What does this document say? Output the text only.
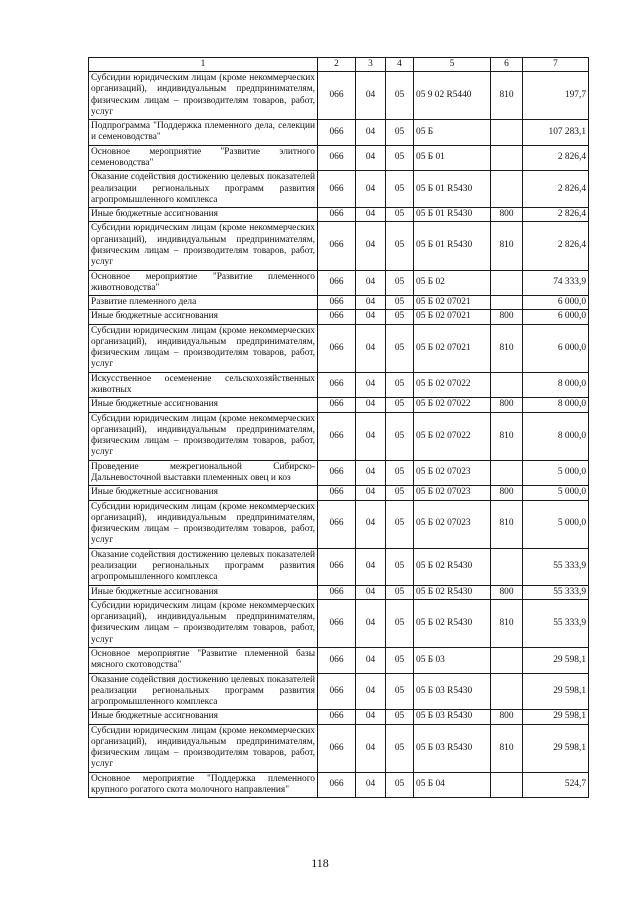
1	2	3	4	5	6	7
Субсидии юридическим лицам (кроме некоммерческих организаций), индивидуальным предпринимателям, физическим лицам – производителям товаров, работ, услуг	066	04	05	05 9 02 R5440	810	197,7
Подпрограмма "Поддержка племенного дела, селекции и семеноводства"	066	04	05	05 Б		107 283,1
Основное мероприятие "Развитие элитного семеноводства"	066	04	05	05 Б 01		2 826,4
Оказание содействия достижению целевых показателей реализации региональных программ развития агропромышленного комплекса	066	04	05	05 Б 01 R5430		2 826,4
Иные бюджетные ассигнования	066	04	05	05 Б 01 R5430	800	2 826,4
Субсидии юридическим лицам (кроме некоммерческих организаций), индивидуальным предпринимателям, физическим лицам – производителям товаров, работ, услуг	066	04	05	05 Б 01 R5430	810	2 826,4
Основное мероприятие "Развитие племенного животноводства"	066	04	05	05 Б 02		74 333,9
Развитие племенного дела	066	04	05	05 Б 02 07021		6 000,0
Иные бюджетные ассигнования	066	04	05	05 Б 02 07021	800	6 000,0
Субсидии юридическим лицам (кроме некоммерческих организаций), индивидуальным предпринимателям, физическим лицам – производителям товаров, работ, услуг	066	04	05	05 Б 02 07021	810	6 000,0
Искусственное осеменение сельскохозяйственных животных	066	04	05	05 Б 02 07022		8 000,0
Иные бюджетные ассигнования	066	04	05	05 Б 02 07022	800	8 000,0
Субсидии юридическим лицам (кроме некоммерческих организаций), индивидуальным предпринимателям, физическим лицам – производителям товаров, работ, услуг	066	04	05	05 Б 02 07022	810	8 000,0
Проведение межрегиональной Сибирско-Дальневосточной выставки племенных овец и коз	066	04	05	05 Б 02 07023		5 000,0
Иные бюджетные ассигнования	066	04	05	05 Б 02 07023	800	5 000,0
Субсидии юридическим лицам (кроме некоммерческих организаций), индивидуальным предпринимателям, физическим лицам – производителям товаров, работ, услуг	066	04	05	05 Б 02 07023	810	5 000,0
Оказание содействия достижению целевых показателей реализации региональных программ развития агропромышленного комплекса	066	04	05	05 Б 02 R5430		55 333,9
Иные бюджетные ассигнования	066	04	05	05 Б 02 R5430	800	55 333,9
Субсидии юридическим лицам (кроме некоммерческих организаций), индивидуальным предпринимателям, физическим лицам – производителям товаров, работ, услуг	066	04	05	05 Б 02 R5430	810	55 333,9
Основное мероприятие "Развитие племенной базы мясного скотоводства"	066	04	05	05 Б 03		29 598,1
Оказание содействия достижению целевых показателей реализации региональных программ развития агропромышленного комплекса	066	04	05	05 Б 03 R5430		29 598,1
Иные бюджетные ассигнования	066	04	05	05 Б 03 R5430	800	29 598,1
Субсидии юридическим лицам (кроме некоммерческих организаций), индивидуальным предпринимателям, физическим лицам – производителям товаров, работ, услуг	066	04	05	05 Б 03 R5430	810	29 598,1
Основное мероприятие "Поддержка племенного крупного рогатого скота молочного направления"	066	04	05	05 Б 04		524,7
118
